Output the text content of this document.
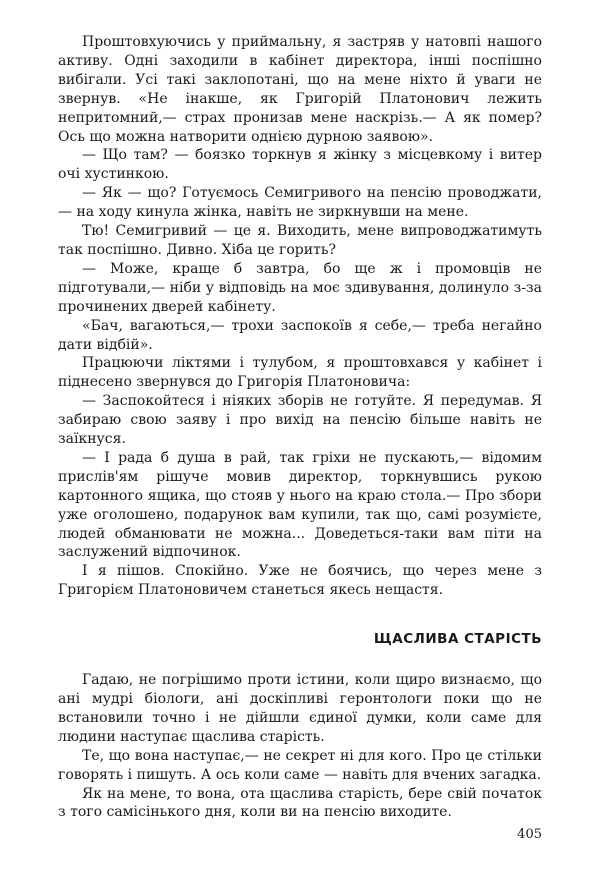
Проштовхуючись у приймальну, я застряв у натовпі нашого активу. Одні заходили в кабінет директора, інші поспішно вибігали. Усі такі заклопотані, що на мене ніхто й уваги не звернув. «Не інакше, як Григорій Платонович лежить непритомний,— страх пронизав мене наскрізь.— А як помер? Ось що можна натворити однією дурною заявою».

— Що там? — боязко торкнув я жінку з місцевкому і витер очі хустинкою.

— Як — що? Готуємось Семигривого на пенсію проводжати,— на ходу кинула жінка, навіть не зиркнувши на мене.

Тю! Семигривий — це я. Виходить, мене випроводжатимуть так поспішно. Дивно. Хіба це горить?

— Може, краще б завтра, бо ще ж і промовців не підготували,— ніби у відповідь на моє здивування, долинуло з-за прочинених дверей кабінету.

«Бач, вагаються,— трохи заспокоїв я себе,— треба негайно дати відбій».

Працюючи ліктями і тулубом, я проштовхався у кабінет і піднесено звернувся до Григорія Платоновича:

— Заспокойтеся і ніяких зборів не готуйте. Я передумав. Я забираю свою заяву і про вихід на пенсію більше навіть не заїкнуся.

— І рада б душа в рай, так гріхи не пускають,— відомим прислів'ям рішуче мовив директор, торкнувшись рукою картонного ящика, що стояв у нього на краю стола.— Про збори уже оголошено, подарунок вам купили, так що, самі розумієте, людей обманювати не можна... Доведеться-таки вам піти на заслужений відпочинок.

І я пішов. Спокійно. Уже не боячись, що через мене з Григорієм Платоновичем станеться якесь нещастя.

ЩАСЛИВА СТАРІСТЬ

Гадаю, не погрішимо проти істини, коли щиро визнаємо, що ані мудрі біологи, ані доскіпливі геронтологи поки що не встановили точно і не дійшли єдиної думки, коли саме для людини наступає щаслива старість.

Те, що вона наступає,— не секрет ні для кого. Про це стільки говорять і пишуть. А ось коли саме — навіть для вчених загадка.

Як на мене, то вона, ота щаслива старість, бере свій початок з того самісінького дня, коли ви на пенсію виходите.

405
